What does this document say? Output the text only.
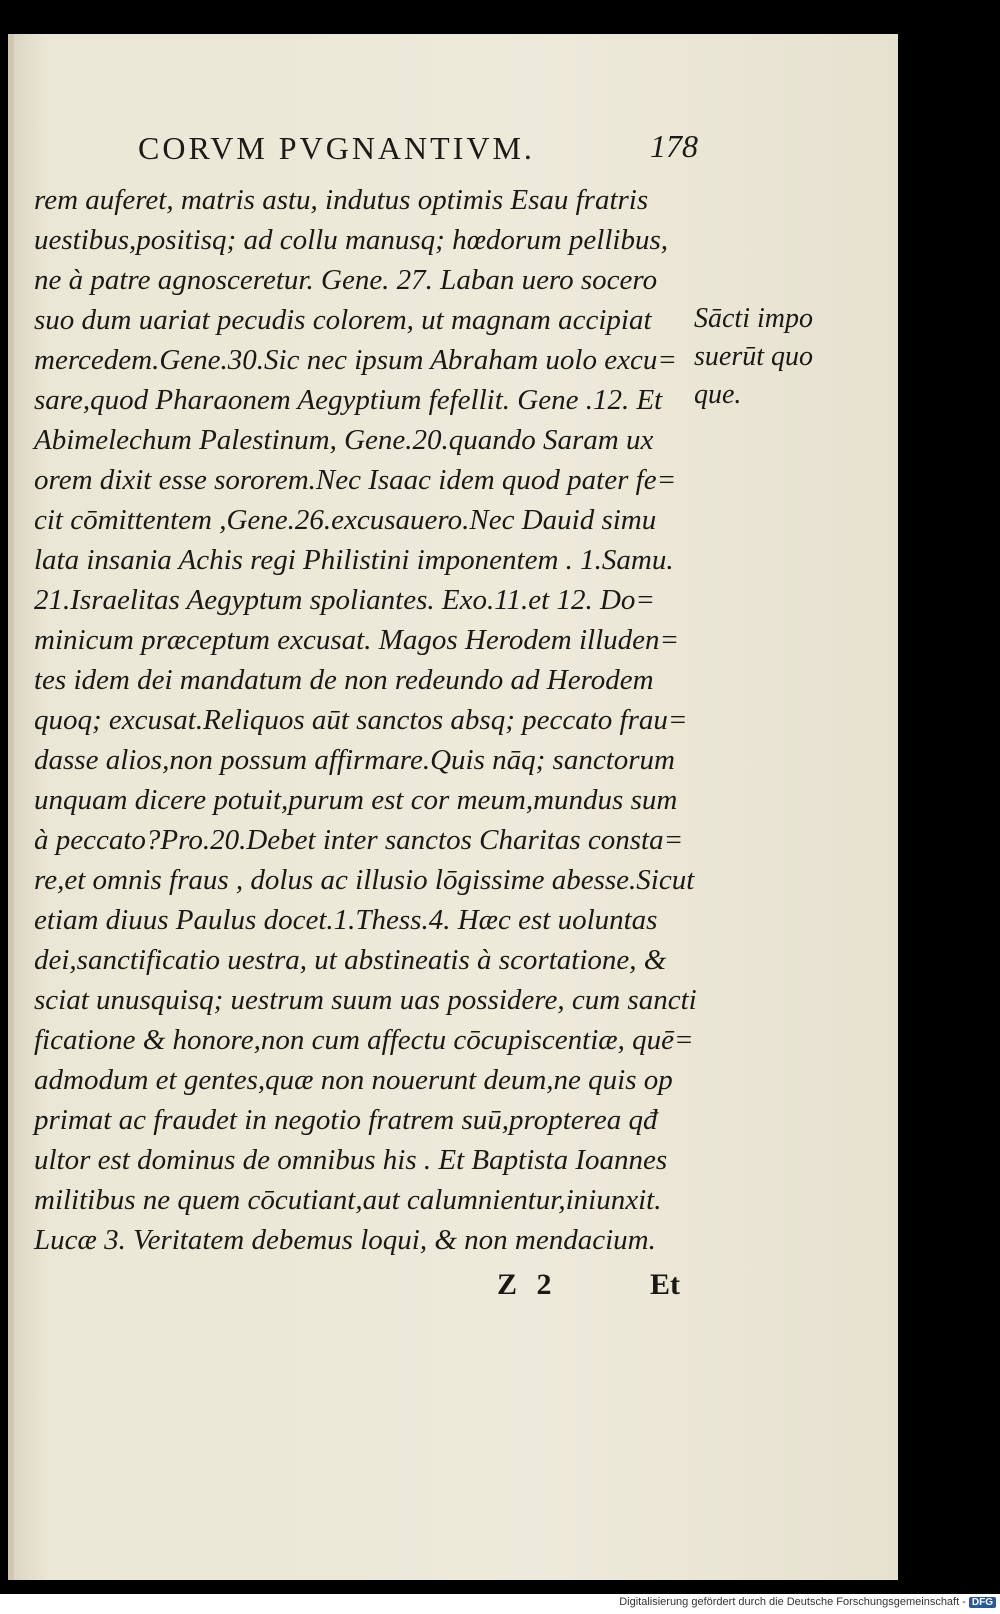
CORVM PVGNANTIVM.	178
rem auferet, matris astu, indutus optimis Esau fratris
uestibus,positisq; ad collu manusq; hœdorum pellibus,
ne à patre agnosceretur. Gene. 27. Laban uero socero
suo dum uariat pecudis colorem, ut magnam accipiat
mercedem.Gene.30.Sic nec ipsum Abraham uolo excu=
sare,quod Pharaonem Aegyptium fefellit. Gene .12. Et
Abimelechum Palestinum, Gene.20.quando Saram ux
orem dixit esse sororem.Nec Isaac idem quod pater fe=
cit cōmittentem ,Gene.26.excusauero.Nec Dauid simu
lata insania Achis regi Philistini imponentem . 1.Samu.
21.Israelitas Aegyptum spoliantes. Exo.11.et 12. Do=
minicum præceptum excusat. Magos Herodem illuden=
tes idem dei mandatum de non redeundo ad Herodem
quoq; excusat.Reliquos aūt sanctos absq; peccato frau=
dasse alios,non possum affirmare.Quis nāq; sanctorum
unquam dicere potuit,purum est cor meum,mundus sum
à peccato?Pro.20.Debet inter sanctos Charitas consta=
re,et omnis fraus , dolus ac illusio lōgissime abesse.Sicut
etiam diuus Paulus docet.1.Thess.4. Hæc est uoluntas
dei,sanctificatio uestra, ut abstineatis à scortatione, &
sciat unusquisq; uestrum suum uas possidere, cum sancti
ficatione & honore,non cum affectu cōcupiscentiæ, quē=
admodum et gentes,quæ non nouerunt deum,ne quis op
primat ac fraudet in negotio fratrem suū,propterea qđ
ultor est dominus de omnibus his . Et Baptista Ioannes
militibus ne quem cōcutiant,aut calumnientur,iniunxit.
Lucæ 3. Veritatem debemus loqui, & non mendacium.
Sācti impo
suerūt quo
que.
Z 2	Et
Digitalisierung gefördert durch die Deutsche Forschungsgemeinschaft - DFG
